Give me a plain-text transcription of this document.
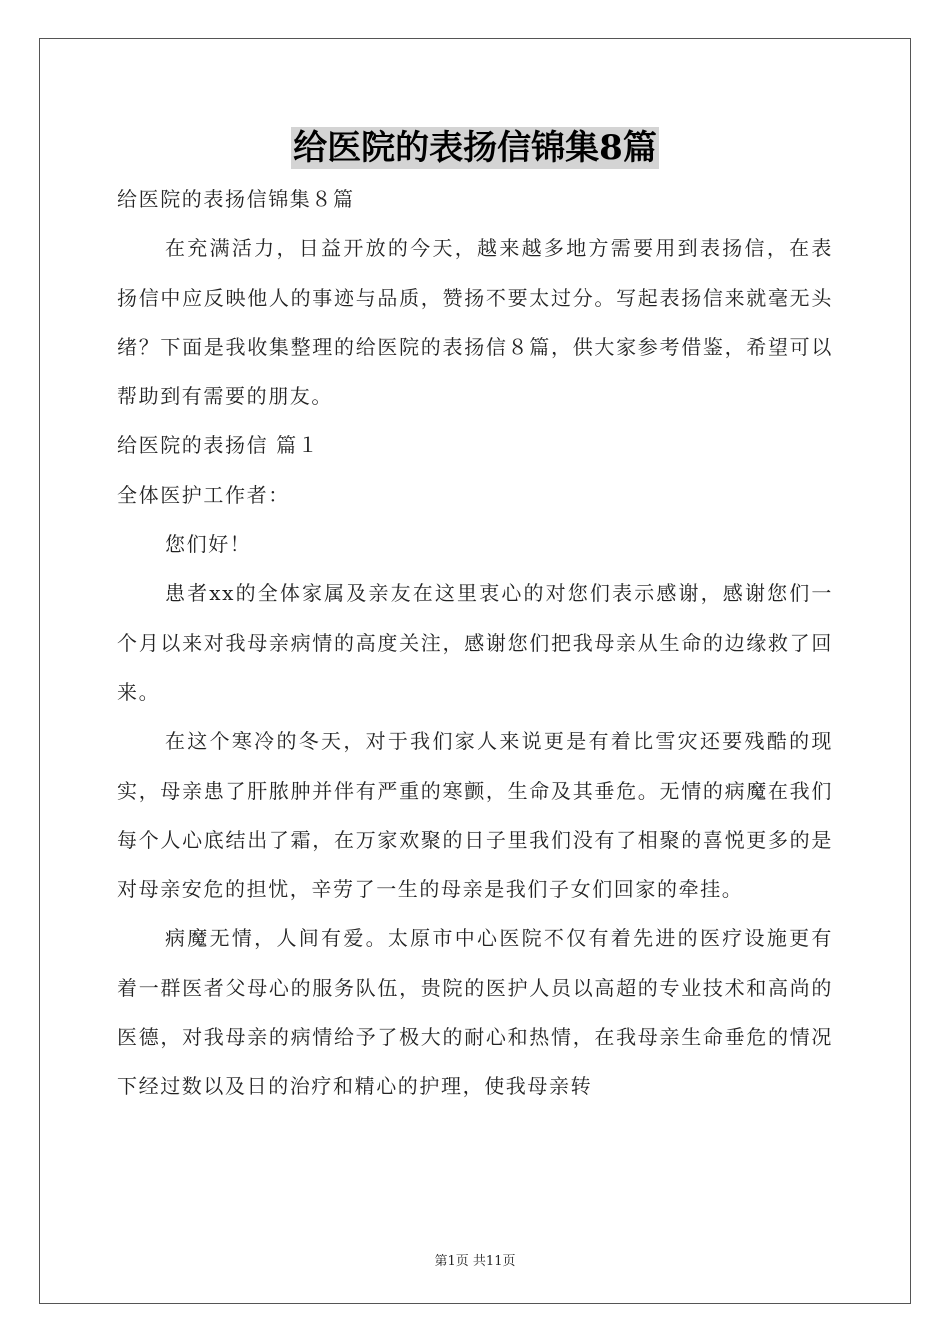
给医院的表扬信锦集8篇

给医院的表扬信锦集８篇

在充满活力，日益开放的今天，越来越多地方需要用到表扬信，在表扬信中应反映他人的事迹与品质，赞扬不要太过分。写起表扬信来就毫无头绪？下面是我收集整理的给医院的表扬信８篇，供大家参考借鉴，希望可以帮助到有需要的朋友。

给医院的表扬信 篇１

全体医护工作者：

您们好！

患者xx的全体家属及亲友在这里衷心的对您们表示感谢，感谢您们一个月以来对我母亲病情的高度关注，感谢您们把我母亲从生命的边缘救了回来。

在这个寒冷的冬天，对于我们家人来说更是有着比雪灾还要残酷的现实，母亲患了肝脓肿并伴有严重的寒颤，生命及其垂危。无情的病魔在我们每个人心底结出了霜，在万家欢聚的日子里我们没有了相聚的喜悦更多的是对母亲安危的担忧，辛劳了一生的母亲是我们子女们回家的牵挂。

病魔无情，人间有爱。太原市中心医院不仅有着先进的医疗设施更有着一群医者父母心的服务队伍，贵院的医护人员以高超的专业技术和高尚的医德，对我母亲的病情给予了极大的耐心和热情，在我母亲生命垂危的情况下经过数以及日的治疗和精心的护理，使我母亲转

第1页 共11页
